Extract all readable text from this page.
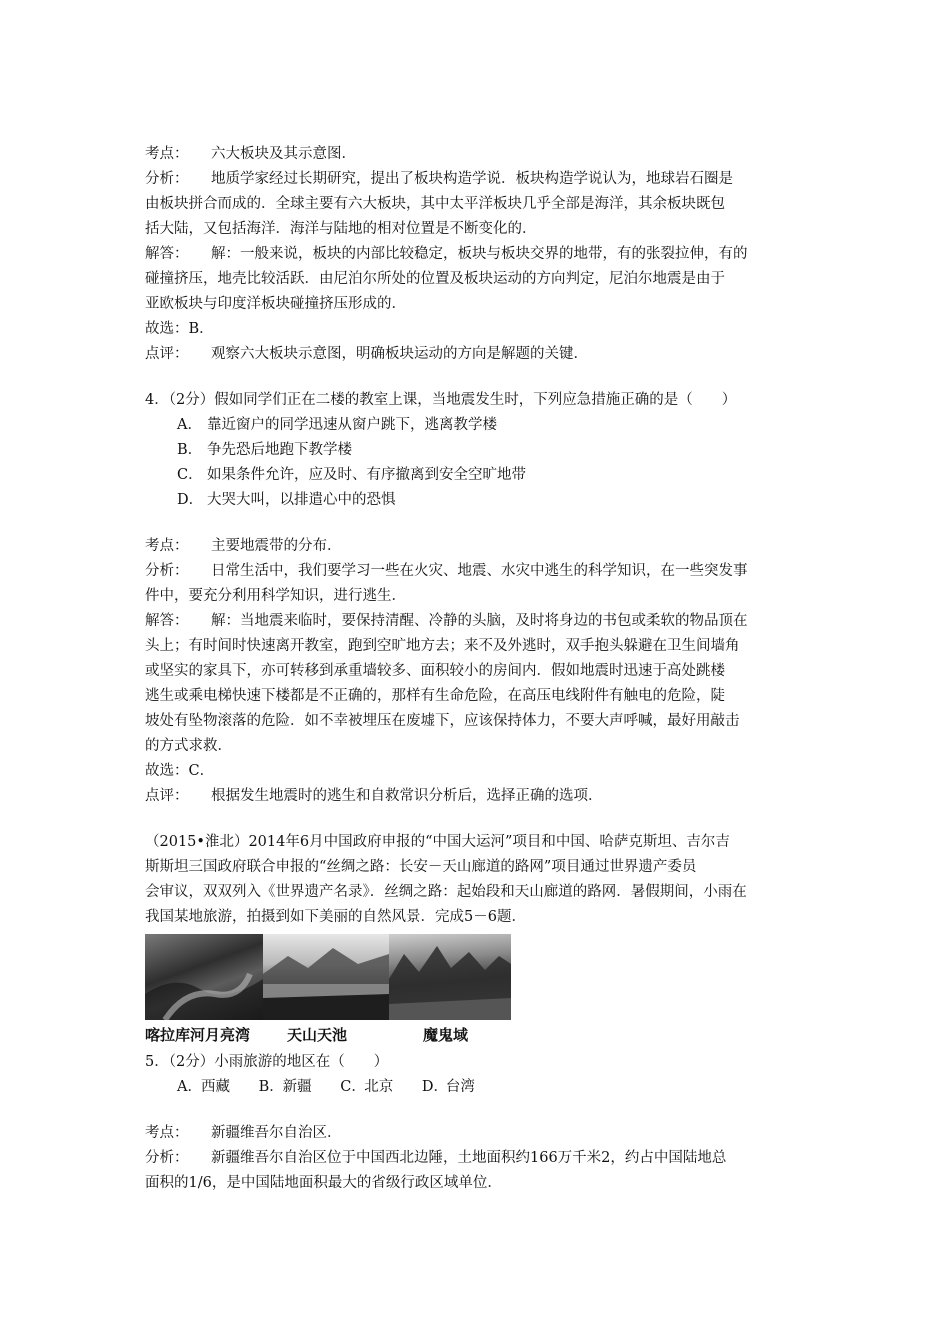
考点：	六大板块及其示意图．
分析：	地质学家经过长期研究，提出了板块构造学说．板块构造学说认为，地球岩石圈是
由板块拼合而成的．全球主要有六大板块，其中太平洋板块几乎全部是海洋，其余板块既包
括大陆，又包括海洋．海洋与陆地的相对位置是不断变化的．
解答：	解：一般来说，板块的内部比较稳定，板块与板块交界的地带，有的张裂拉伸，有的
碰撞挤压，地壳比较活跃．由尼泊尔所处的位置及板块运动的方向判定，尼泊尔地震是由于
亚欧板块与印度洋板块碰撞挤压形成的．
故选：B．
点评：	观察六大板块示意图，明确板块运动的方向是解题的关键．
4．（2分）假如同学们正在二楼的教室上课，当地震发生时，下列应急措施正确的是（　　）
A． 靠近窗户的同学迅速从窗户跳下，逃离教学楼
B． 争先恐后地跑下教学楼
C． 如果条件允许，应及时、有序撤离到安全空旷地带
D． 大哭大叫，以排遣心中的恐惧
考点：	主要地震带的分布．
分析：	日常生活中，我们要学习一些在火灾、地震、水灾中逃生的科学知识，在一些突发事
件中，要充分利用科学知识，进行逃生．
解答：	解：当地震来临时，要保持清醒、冷静的头脑，及时将身边的书包或柔软的物品顶在
头上；有时间时快速离开教室，跑到空旷地方去；来不及外逃时，双手抱头躲避在卫生间墙角
或坚实的家具下，亦可转移到承重墙较多、面积较小的房间内．假如地震时迅速于高处跳楼
逃生或乘电梯快速下楼都是不正确的，那样有生命危险，在高压电线附件有触电的危险，陡
坡处有坠物滚落的危险．如不幸被埋压在废墟下，应该保持体力，不要大声呼喊，最好用敲击
的方式求救．
故选：C．
点评：	根据发生地震时的逃生和自救常识分析后，选择正确的选项．
（2015•淮北）2014年6月中国政府申报的“中国大运河”项目和中国、哈萨克斯坦、吉尔吉
斯斯坦三国政府联合申报的“丝绸之路：长安－天山廊道的路网”项目通过世界遗产委员
会审议，双双列入《世界遗产名录》．丝绸之路：起始段和天山廊道的路网．暑假期间，小雨在
我国某地旅游，拍摄到如下美丽的自然风景．完成5－6题．
喀拉库河月亮湾	天山天池	魔鬼域
5．（2分）小雨旅游的地区在（　　）
A．西藏 B．新疆 C．北京 D．台湾
考点：	新疆维吾尔自治区．
分析：	新疆维吾尔自治区位于中国西北边陲，土地面积约166万千米2，约占中国陆地总
面积的1/6，是中国陆地面积最大的省级行政区域单位．
